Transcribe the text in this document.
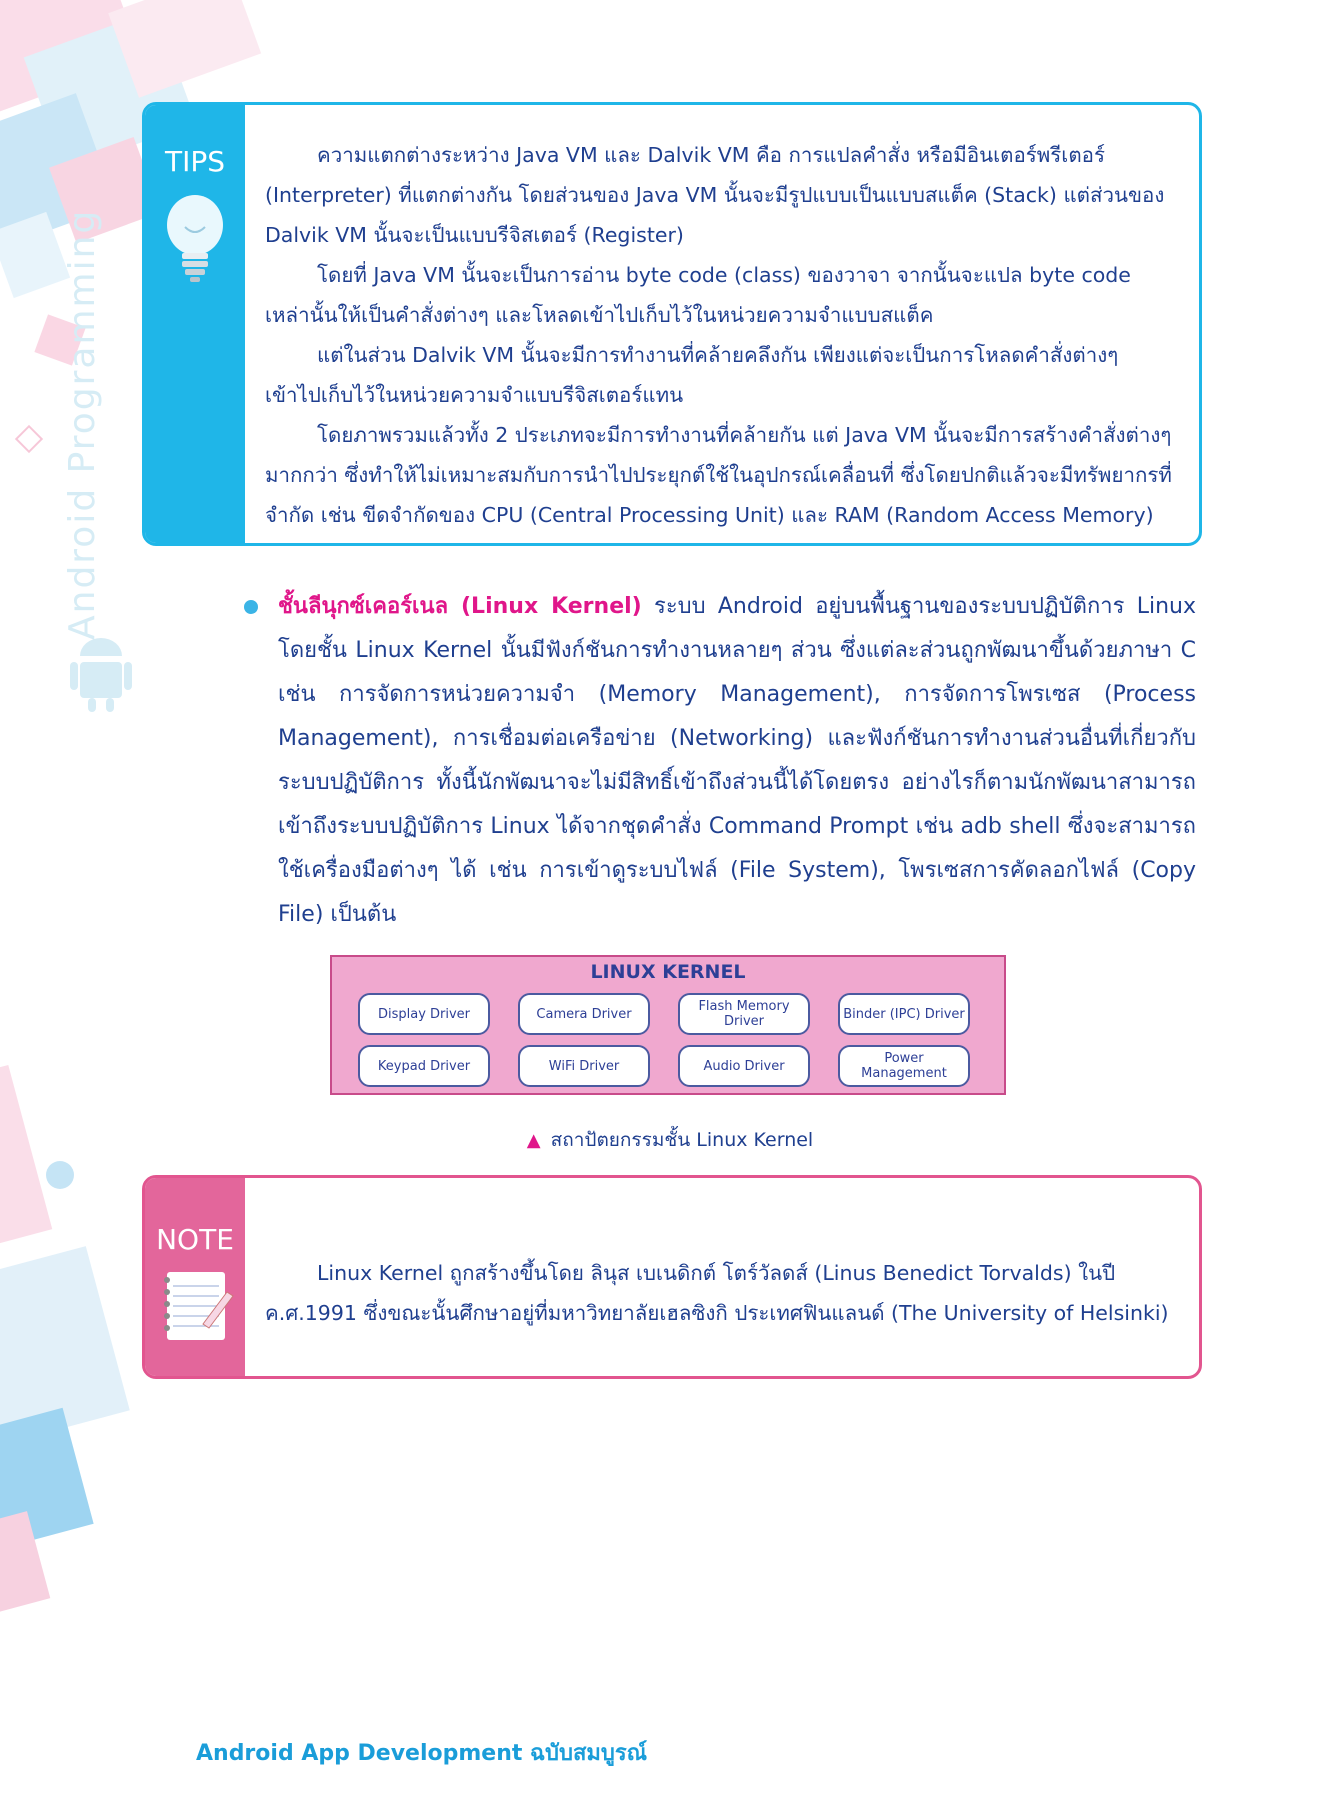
Android Programming
TIPS	ความแตกต่างระหว่าง Java VM และ Dalvik VM คือ การแปลคำสั่ง หรือมีอินเตอร์พรีเตอร์ (Interpreter) ที่แตกต่างกัน โดยส่วนของ Java VM นั้นจะมีรูปแบบเป็นแบบสแต็ค (Stack) แต่ส่วนของ Dalvik VM นั้นจะเป็นแบบรีจิสเตอร์ (Register)

โดยที่ Java VM นั้นจะเป็นการอ่าน byte code (class) ของวาจา จากนั้นจะแปล byte code เหล่านั้นให้เป็นคำสั่งต่างๆ และโหลดเข้าไปเก็บไว้ในหน่วยความจำแบบสแต็ค

แต่ในส่วน Dalvik VM นั้นจะมีการทำงานที่คล้ายคลึงกัน เพียงแต่จะเป็นการโหลดคำสั่งต่างๆ เข้าไปเก็บไว้ในหน่วยความจำแบบรีจิสเตอร์แทน

โดยภาพรวมแล้วทั้ง 2 ประเภทจะมีการทำงานที่คล้ายกัน แต่ Java VM นั้นจะมีการสร้างคำสั่งต่างๆ มากกว่า ซึ่งทำให้ไม่เหมาะสมกับการนำไปประยุกต์ใช้ในอุปกรณ์เคลื่อนที่ ซึ่งโดยปกติแล้วจะมีทรัพยากรที่จำกัด เช่น ขีดจำกัดของ CPU (Central Processing Unit) และ RAM (Random Access Memory)

ชั้นลีนุกซ์เคอร์เนล (Linux Kernel) ระบบ Android อยู่บนพื้นฐานของระบบปฏิบัติการ Linux โดยชั้น Linux Kernel นั้นมีฟังก์ชันการทำงานหลายๆ ส่วน ซึ่งแต่ละส่วนถูกพัฒนาขึ้นด้วยภาษา C เช่น การจัดการหน่วยความจำ (Memory Management), การจัดการโพรเซส (Process Management), การเชื่อมต่อเครือข่าย (Networking) และฟังก์ชันการทำงานส่วนอื่นที่เกี่ยวกับระบบปฏิบัติการ ทั้งนี้นักพัฒนาจะไม่มีสิทธิ์เข้าถึงส่วนนี้ได้โดยตรง อย่างไรก็ตามนักพัฒนาสามารถเข้าถึงระบบปฏิบัติการ Linux ได้จากชุดคำสั่ง Command Prompt เช่น adb shell ซึ่งจะสามารถใช้เครื่องมือต่างๆ ได้ เช่น การเข้าดูระบบไฟล์ (File System), โพรเซสการคัดลอกไฟล์ (Copy File) เป็นต้น

LINUX KERNEL
Display Driver	Camera Driver	Flash Memory Driver	Binder (IPC) Driver
Keypad Driver	WiFi Driver	Audio Driver	Power Management
▲ สถาปัตยกรรมชั้น Linux Kernel
NOTE

Linux Kernel ถูกสร้างขึ้นโดย ลินุส เบเนดิกต์ โตร์วัลดส์ (Linus Benedict Torvalds) ในปี ค.ศ.1991 ซึ่งขณะนั้นศึกษาอยู่ที่มหาวิทยาลัยเฮลซิงกิ ประเทศฟินแลนด์ (The University of Helsinki)

Android App Development ฉบับสมบูรณ์
